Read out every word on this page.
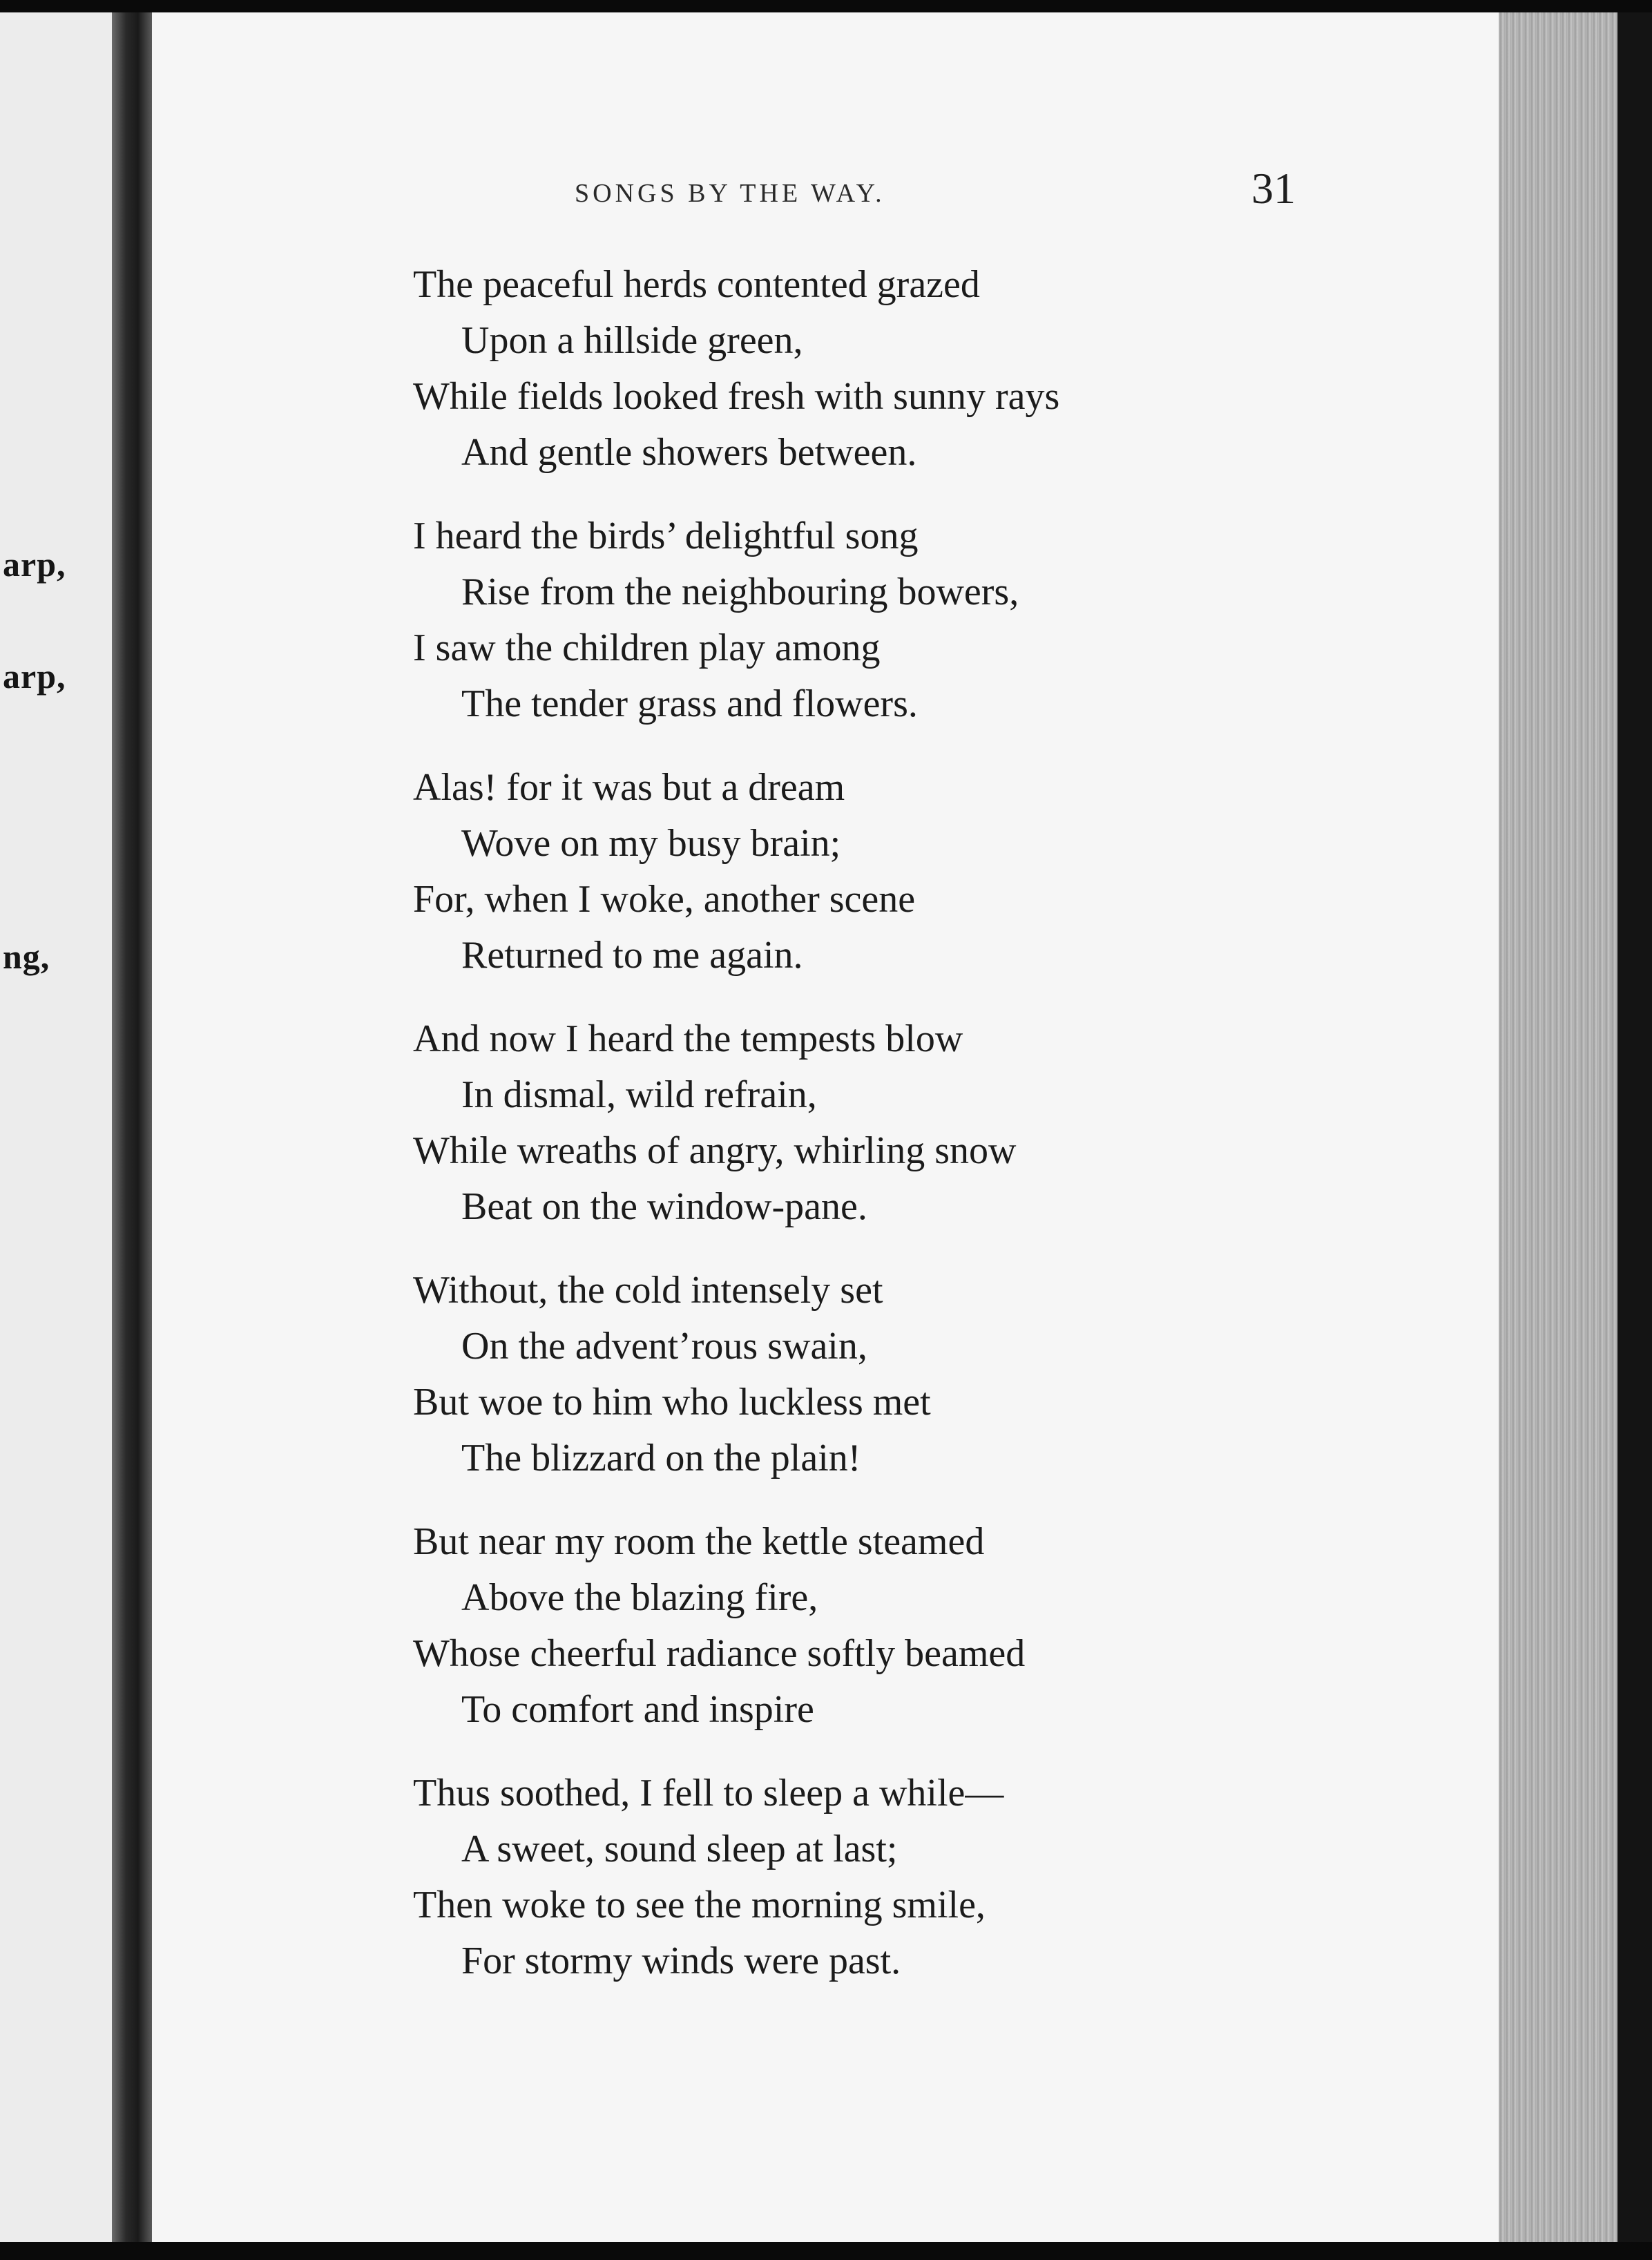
arp,
arp,
ng,
SONGS BY THE WAY.	31
The peaceful herds contented grazed
Upon a hillside green,
While fields looked fresh with sunny rays
And gentle showers between.
I heard the birds’ delightful song
Rise from the neighbouring bowers,
I saw the children play among
The tender grass and flowers.
Alas! for it was but a dream
Wove on my busy brain;
For, when I woke, another scene
Returned to me again.
And now I heard the tempests blow
In dismal, wild refrain,
While wreaths of angry, whirling snow
Beat on the window-pane.
Without, the cold intensely set
On the advent’rous swain,
But woe to him who luckless met
The blizzard on the plain!
But near my room the kettle steamed
Above the blazing fire,
Whose cheerful radiance softly beamed
To comfort and inspire
Thus soothed, I fell to sleep a while—
A sweet, sound sleep at last;
Then woke to see the morning smile,
For stormy winds were past.
